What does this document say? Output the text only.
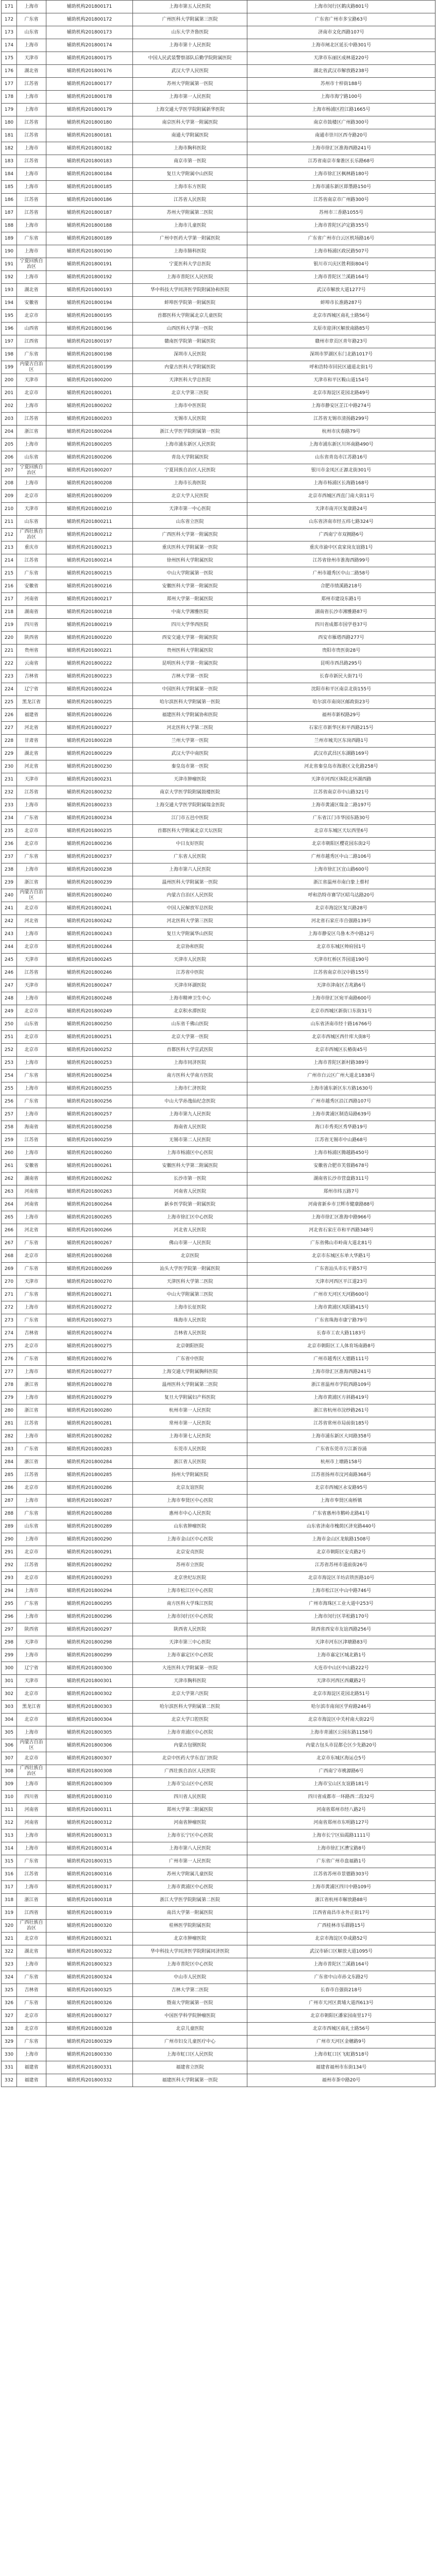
171	上海市	辅助机构201800171	上海市第五人民医院	上海市闵行区鹤庆路801号
172	广东省	辅助机构201800172	广州医科大学附属第三医院	广东省广州市多宝路63号
173	山东省	辅助机构201800173	山东大学齐鲁医院	济南市文化西路107号
174	上海市	辅助机构201800174	上海市第十人民医院	上海市闸北区延长中路301号
175	天津市	辅助机构201800175	中国人民武装警察部队后勤学院附属医院	天津市东丽区成林道220号
176	湖北省	辅助机构201800176	武汉大学人民医院	湖北省武汉市解放路238号
177	江苏省	辅助机构201800177	苏州大学附属第一医院	苏州市十梓街188号
178	上海市	辅助机构201800178	上海市第一人民医院	上海市海宁路100号
179	上海市	辅助机构201800179	上海交通大学医学院附属新华医院	上海市杨浦区控江路1665号
180	江苏省	辅助机构201800180	南京医科大学第一附属医院	南京市鼓楼区广州路300号
181	江苏省	辅助机构201800181	南通大学附属医院	南通市崇川区西寺路20号
182	上海市	辅助机构201800182	上海市胸科医院	上海市徐汇区淮海西路241号
183	江苏省	辅助机构201800183	南京市第一医院	江苏省南京市秦淮区长乐路68号
184	上海市	辅助机构201800184	复旦大学附属中山医院	上海市徐汇区枫林路180号
185	上海市	辅助机构201800185	上海市东方医院	上海市浦东新区即墨路150号
186	江苏省	辅助机构201800186	江苏省人民医院	江苏省南京市广州路300号
187	江苏省	辅助机构201800187	苏州大学附属第二医院	苏州市三香路1055号
188	上海市	辅助机构201800188	上海市儿童医院	上海市普陀区泸定路355号
189	广东省	辅助机构201800189	广州中医药大学第一附属医院	广东省广州市白云区机场路16号
190	上海市	辅助机构201800190	上海市肺科医院	上海市杨浦区政民路507号
191	宁夏回族自治区	辅助机构201800191	宁夏医科大学总医院	银川市兴庆区胜利街804号
192	上海市	辅助机构201800192	上海市普陀区人民医院	上海市普陀区兰溪路164号
193	湖北省	辅助机构201800193	华中科技大学同济医学院附属协和医院	武汉市解放大道1277号
194	安徽省	辅助机构201800194	蚌埠医学院第一附属医院	蚌埠市长淮路287号
195	北京市	辅助机构201800195	首都医科大学附属北京儿童医院	北京市西城区南礼士路56号
196	山西省	辅助机构201800196	山西医科大学第一医院	太原市迎泽区解放南路85号
197	江西省	辅助机构201800197	赣南医学院第一附属医院	赣州市章贡区青年路23号
198	广东省	辅助机构201800198	深圳市人民医院	深圳市罗湖区东门北路1017号
199	内蒙古自治区	辅助机构201800199	内蒙古医科大学附属医院	呼和浩特市回民区通道北街1号
200	天津市	辅助机构201800200	天津医科大学总医院	天津市和平区鞍山道154号
201	北京市	辅助机构201800201	北京大学第三医院	北京市海淀区花园北路49号
202	上海市	辅助机构201800202	上海市中医医院	上海市静安区芷江中路274号
203	江苏省	辅助机构201800203	无锡市人民医院	江苏省无锡市清扬路299号
204	浙江省	辅助机构201800204	浙江大学医学院附属第一医院	杭州市庆春路79号
205	上海市	辅助机构201800205	上海市浦东新区人民医院	上海市浦东新区川环南路490号
206	山东省	辅助机构201800206	青岛大学附属医院	山东省青岛市江苏路16号
207	宁夏回族自治区	辅助机构201800207	宁夏回族自治区人民医院	银川市金凤区正源北街301号
208	上海市	辅助机构201800208	上海市长海医院	上海市杨浦区长海路168号
209	北京市	辅助机构201800209	北京大学人民医院	北京市西城区西直门南大街11号
210	天津市	辅助机构201800210	天津市第一中心医院	天津市南开区复康路24号
211	山东省	辅助机构201800211	山东省立医院	山东省济南市经五纬七路324号
212	广西壮族自治区	辅助机构201800212	广西医科大学第一附属医院	广西南宁市双拥路6号
213	重庆市	辅助机构201800213	重庆医科大学附属第一医院	重庆市渝中区袁家岗友谊路1号
214	江苏省	辅助机构201800214	徐州医科大学附属医院	江苏省徐州市淮海西路99号
215	广东省	辅助机构201800215	中山大学附属第一医院	广州市越秀区中山二路58号
216	安徽省	辅助机构201800216	安徽医科大学第一附属医院	合肥市绩溪路218号
217	河南省	辅助机构201800217	郑州大学第一附属医院	郑州市建设东路1号
218	湖南省	辅助机构201800218	中南大学湘雅医院	湖南省长沙市湘雅路87号
219	四川省	辅助机构201800219	四川大学华西医院	四川省成都市国学巷37号
220	陕西省	辅助机构201800220	西安交通大学第一附属医院	西安市雁塔西路277号
221	贵州省	辅助机构201800221	贵州医科大学附属医院	贵阳市贵医街28号
222	云南省	辅助机构201800222	昆明医科大学第一附属医院	昆明市西昌路295号
223	吉林省	辅助机构201800223	吉林大学第一医院	长春市新民大街71号
224	辽宁省	辅助机构201800224	中国医科大学附属第一医院	沈阳市和平区南京北街155号
225	黑龙江省	辅助机构201800225	哈尔滨医科大学附属第一医院	哈尔滨市南岗区邮政街23号
226	福建省	辅助机构201800226	福建医科大学附属协和医院	福州市新权路29号
227	河北省	辅助机构201800227	河北医科大学第二医院	石家庄市新华区和平西路215号
228	甘肃省	辅助机构201800228	兰州大学第一医院	兰州市城关区东岗西路1号
229	湖北省	辅助机构201800229	武汉大学中南医院	武汉市武昌区东湖路169号
230	河北省	辅助机构201800230	秦皇岛市第一医院	河北省秦皇岛市海港区文化路258号
231	天津市	辅助机构201800231	天津市肿瘤医院	天津市河西区体院北环湖西路
232	江苏省	辅助机构201800232	南京大学医学院附属鼓楼医院	江苏省南京市中山路321号
233	上海市	辅助机构201800233	上海交通大学医学院附属瑞金医院	上海市黄浦区瑞金二路197号
234	广东省	辅助机构201800234	江门市五邑中医院	广东省江门市华园东路30号
235	北京市	辅助机构201800235	首都医科大学附属北京天坛医院	北京市东城区天坛西里6号
236	北京市	辅助机构201800236	中日友好医院	北京市朝阳区樱花园东街2号
237	广东省	辅助机构201800237	广东省人民医院	广州市越秀区中山二路106号
238	上海市	辅助机构201800238	上海市第六人民医院	上海市徐汇区宜山路600号
239	浙江省	辅助机构201800239	温州医科大学附属第一医院	浙江省温州市南白象上蔡村
240	内蒙古自治区	辅助机构201800240	内蒙古自治区人民医院	呼和浩特市赛罕区昭乌达路20号
241	北京市	辅助机构201800241	中国人民解放军总医院	北京市海淀区复兴路28号
242	河北省	辅助机构201800242	河北医科大学第三医院	河北省石家庄市自强路139号
243	上海市	辅助机构201800243	复旦大学附属华山医院	上海市静安区乌鲁木齐中路12号
244	北京市	辅助机构201800244	北京协和医院	北京市东城区帅府园1号
245	天津市	辅助机构201800245	天津市人民医院	天津市红桥区芥园道190号
246	江苏省	辅助机构201800246	江苏省中医院	江苏省南京市汉中路155号
247	天津市	辅助机构201800247	天津市环湖医院	天津市津南区吉兆路6号
248	上海市	辅助机构201800248	上海市精神卫生中心	上海市徐汇区宛平南路600号
249	北京市	辅助机构201800249	北京积水潭医院	北京市西城区新街口东街31号
250	山东省	辅助机构201800250	山东省千佛山医院	山东省济南市经十路16766号
251	北京市	辅助机构201800251	北京大学第一医院	北京市西城区西什库大街8号
252	北京市	辅助机构201800252	首都医科大学宣武医院	北京市西城区长椿街45号
253	上海市	辅助机构201800253	上海市同济医院	上海市普陀区新村路389号
254	广东省	辅助机构201800254	南方医科大学南方医院	广州市白云区广州大道北1838号
255	上海市	辅助机构201800255	上海市仁济医院	上海市浦东新区东方路1630号
256	广东省	辅助机构201800256	中山大学孙逸仙纪念医院	广州市越秀区沿江西路107号
257	上海市	辅助机构201800257	上海市第九人民医院	上海市黄浦区制造局路639号
258	海南省	辅助机构201800258	海南省人民医院	海口市秀英区秀华路19号
259	江苏省	辅助机构201800259	无锡市第二人民医院	江苏省无锡市中山路68号
260	上海市	辅助机构201800260	上海市杨浦区中心医院	上海市杨浦区腾越路450号
261	安徽省	辅助机构201800261	安徽医科大学第二附属医院	安徽省合肥市芙蓉路678号
262	湖南省	辅助机构201800262	长沙市第一医院	湖南省长沙市营盘路311号
263	河南省	辅助机构201800263	河南省人民医院	郑州市纬五路7号
264	河南省	辅助机构201800264	新乡医学院第一附属医院	河南省新乡市卫辉市健康路88号
265	上海市	辅助机构201800265	上海市徐汇区中心医院	上海市徐汇区淮海中路966号
266	河北省	辅助机构201800266	河北省人民医院	河北省石家庄市和平西路348号
267	广东省	辅助机构201800267	佛山市第一人民医院	广东省佛山市岭南大道北81号
268	北京市	辅助机构201800268	北京医院	北京市东城区东单大华路1号
269	广东省	辅助机构201800269	汕头大学医学院第一附属医院	广东省汕头市长平路57号
270	天津市	辅助机构201800270	天津医科大学第二医院	天津市河西区平江道23号
271	广东省	辅助机构201800271	中山大学附属第三医院	广州市天河区天河路600号
272	上海市	辅助机构201800272	上海市长征医院	上海市黄浦区凤阳路415号
273	广东省	辅助机构201800273	珠海市人民医院	广东省珠海市康宁路79号
274	吉林省	辅助机构201800274	吉林省人民医院	长春市工农大路1183号
275	北京市	辅助机构201800275	北京朝阳医院	北京市朝阳区工人体育场南路8号
276	广东省	辅助机构201800276	广东省中医院	广州市越秀区大德路111号
277	上海市	辅助机构201800277	上海交通大学附属胸科医院	上海市徐汇区淮海西路241号
278	浙江省	辅助机构201800278	温州医科大学附属第二医院	浙江省温州市学院西路109号
279	上海市	辅助机构201800279	复旦大学附属妇产科医院	上海市黄浦区方斜路419号
280	浙江省	辅助机构201800280	杭州市第一人民医院	浙江省杭州市浣纱路261号
281	江苏省	辅助机构201800281	常州市第一人民医院	江苏省常州市局前街185号
282	上海市	辅助机构201800282	上海市第七人民医院	上海市浦东新区大同路358号
283	广东省	辅助机构201800283	东莞市人民医院	广东省东莞市万江新谷涌
284	浙江省	辅助机构201800284	浙江省人民医院	杭州市上塘路158号
285	江苏省	辅助机构201800285	扬州大学附属医院	江苏省扬州市汶河南路368号
286	北京市	辅助机构201800286	北京友谊医院	北京市西城区永安路95号
287	上海市	辅助机构201800287	上海市奉贤区中心医院	上海市奉贤区南桥镇
288	广东省	辅助机构201800288	惠州市中心人民医院	广东省惠州市鹅岭北路41号
289	山东省	辅助机构201800289	山东省肿瘤医院	山东省济南市槐荫区济兖路440号
290	上海市	辅助机构201800290	上海市金山区中心医院	上海市金山区龙航路1508号
291	北京市	辅助机构201800291	北京安贞医院	北京市朝阳区安贞路2号
292	江苏省	辅助机构201800292	苏州市立医院	江苏省苏州市道前街26号
293	北京市	辅助机构201800293	北京世纪坛医院	北京市海淀区羊坊店铁医路10号
294	上海市	辅助机构201800294	上海市松江区中心医院	上海市松江区中山中路746号
295	广东省	辅助机构201800295	南方医科大学珠江医院	广州市海珠区工业大道中253号
296	上海市	辅助机构201800296	上海市闵行区中心医院	上海市闵行区莘松路170号
297	陕西省	辅助机构201800297	陕西省人民医院	陕西省西安市友谊西路256号
298	天津市	辅助机构201800298	天津市第三中心医院	天津市河东区津塘路83号
299	上海市	辅助机构201800299	上海市嘉定区中心医院	上海市嘉定区城北路1号
300	辽宁省	辅助机构201800300	大连医科大学附属第一医院	大连市中山区中山路222号
301	天津市	辅助机构201800301	天津市胸科医院	天津市河西区西藏路2号
302	北京市	辅助机构201800302	北京大学第六医院	北京市海淀区花园北路51号
303	黑龙江省	辅助机构201800303	哈尔滨医科大学附属第二医院	哈尔滨市南岗区学府路246号
304	北京市	辅助机构201800304	北京大学口腔医院	北京市海淀区中关村南大街22号
305	上海市	辅助机构201800305	上海市青浦区中心医院	上海市青浦区公园东路1158号
306	内蒙古自治区	辅助机构201800306	内蒙古包钢医院	内蒙古包头市昆都仑区少先路20号
307	北京市	辅助机构201800307	北京中医药大学东直门医院	北京市东城区海运仓5号
308	广西壮族自治区	辅助机构201800308	广西壮族自治区人民医院	广西南宁市桃源路6号
309	上海市	辅助机构201800309	上海市宝山区中心医院	上海市宝山区友谊路181号
310	四川省	辅助机构201800310	四川省人民医院	四川省成都市一环路西二段32号
311	河南省	辅助机构201800311	郑州大学第二附属医院	河南省郑州市经八路2号
312	河南省	辅助机构201800312	河南省肿瘤医院	河南省郑州市东明路127号
313	上海市	辅助机构201800313	上海市长宁区中心医院	上海市长宁区仙霞路1111号
314	上海市	辅助机构201800314	上海市第八人民医院	上海市徐汇区漕宝路8号
315	广东省	辅助机构201800315	广州市第一人民医院	广东省广州市盘福路1号
316	江苏省	辅助机构201800316	苏州大学附属儿童医院	江苏省苏州市景德路303号
317	上海市	辅助机构201800317	上海市黄浦区中心医院	上海市黄浦区四川中路109号
318	浙江省	辅助机构201800318	浙江大学医学院附属第二医院	浙江省杭州市解放路88号
319	江西省	辅助机构201800319	南昌大学第一附属医院	江西省南昌市永外正街17号
320	广西壮族自治区	辅助机构201800320	桂林医学院附属医院	广西桂林市乐群路15号
321	北京市	辅助机构201800321	北京市肿瘤医院	北京市海淀区阜成路52号
322	湖北省	辅助机构201800322	华中科技大学同济医学院附属同济医院	武汉市硚口区解放大道1095号
323	上海市	辅助机构201800323	上海市普陀区中心医院	上海市普陀区兰溪路164号
324	广东省	辅助机构201800324	中山市人民医院	广东省中山市孙文东路2号
325	吉林省	辅助机构201800325	吉林大学第二医院	长春市自强街218号
326	广东省	辅助机构201800326	暨南大学附属第一医院	广州市天河区黄埔大道西613号
327	北京市	辅助机构201800327	中国医学科学院肿瘤医院	北京市朝阳区潘家园南里17号
328	北京市	辅助机构201800328	北京儿童医院	北京市西城区南礼士路56号
329	广东省	辅助机构201800329	广州市妇女儿童医疗中心	广州市天河区金穗路9号
330	上海市	辅助机构201800330	上海市虹口区人民医院	上海市虹口区飞虹路518号
331	福建省	辅助机构201800331	福建省立医院	福建省福州市东街134号
332	福建省	辅助机构201800332	福建医科大学附属第一医院	福州市茶中路20号
